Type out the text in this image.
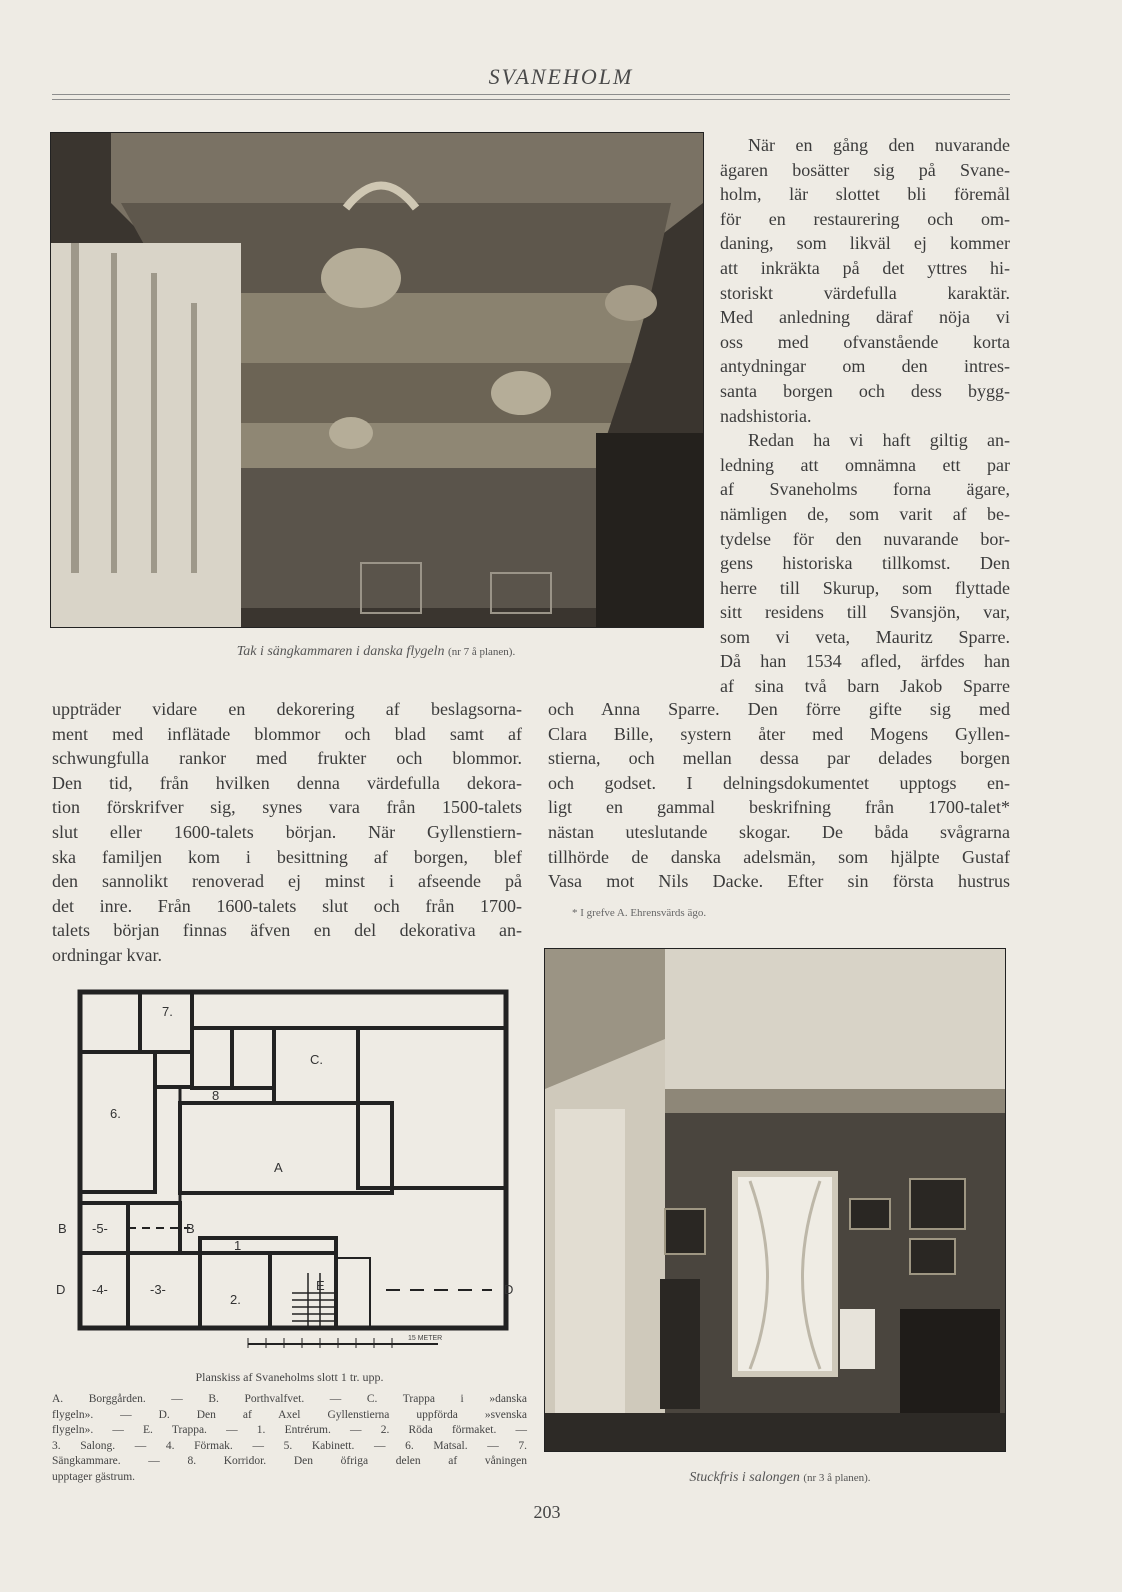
SVANEHOLM
Tak i sängkammaren i danska flygeln (nr 7 å planen).
När en gång den nuvarande
ägaren bosätter sig på Svane-
holm, lär slottet bli föremål
för en restaurering och om-
daning, som likväl ej kommer
att inkräkta på det yttres hi-
storiskt värdefulla karaktär.
Med anledning däraf nöja vi
oss med ofvanstående korta
antydningar om den intres-
santa borgen och dess bygg-
nadshistoria.
Redan ha vi haft giltig an-
ledning att omnämna ett par
af Svaneholms forna ägare,
nämligen de, som varit af be-
tydelse för den nuvarande bor-
gens historiska tillkomst. Den
herre till Skurup, som flyttade
sitt residens till Svansjön, var,
som vi veta, Mauritz Sparre.
Då han 1534 afled, ärfdes han
af sina två barn Jakob Sparre
uppträder vidare en dekorering af beslagsorna-
ment med inflätade blommor och blad samt af
schwungfulla rankor med frukter och blommor.
Den tid, från hvilken denna värdefulla dekora-
tion förskrifver sig, synes vara från 1500-talets
slut eller 1600-talets början. När Gyllenstiern-
ska familjen kom i besittning af borgen, blef
den sannolikt renoverad ej minst i afseende på
det inre. Från 1600-talets slut och från 1700-
talets början finnas äfven en del dekorativa an-
ordningar kvar.
och Anna Sparre. Den förre gifte sig med
Clara Bille, systern åter med Mogens Gyllen-
stierna, och mellan dessa par delades borgen
och godset. I delningsdokumentet upptogs en-
ligt en gammal beskrifning från 1700-talet*
nästan uteslutande skogar. De båda svågrarna
tillhörde de danska adelsmän, som hjälpte Gustaf
Vasa mot Nils Dacke. Efter sin första hustrus
* I grefve A. Ehrensvärds ägo.
7.
C.
8
6.
A
B -5-	B
1
D -4-	-3-
2.
E	D
15 METER
Planskiss af Svaneholms slott 1 tr. upp.
A. Borggården. — B. Porthvalfvet. — C. Trappa i »danska
flygeln». — D. Den af Axel Gyllenstierna uppförda »svenska
flygeln». — E. Trappa. — 1. Entrérum. — 2. Röda förmaket. —
3. Salong. — 4. Förmak. — 5. Kabinett. — 6. Matsal. — 7.
Sängkammare. — 8. Korridor. Den öfriga delen af våningen
upptager gästrum.	Stuckfris i salongen (nr 3 å planen).
203
